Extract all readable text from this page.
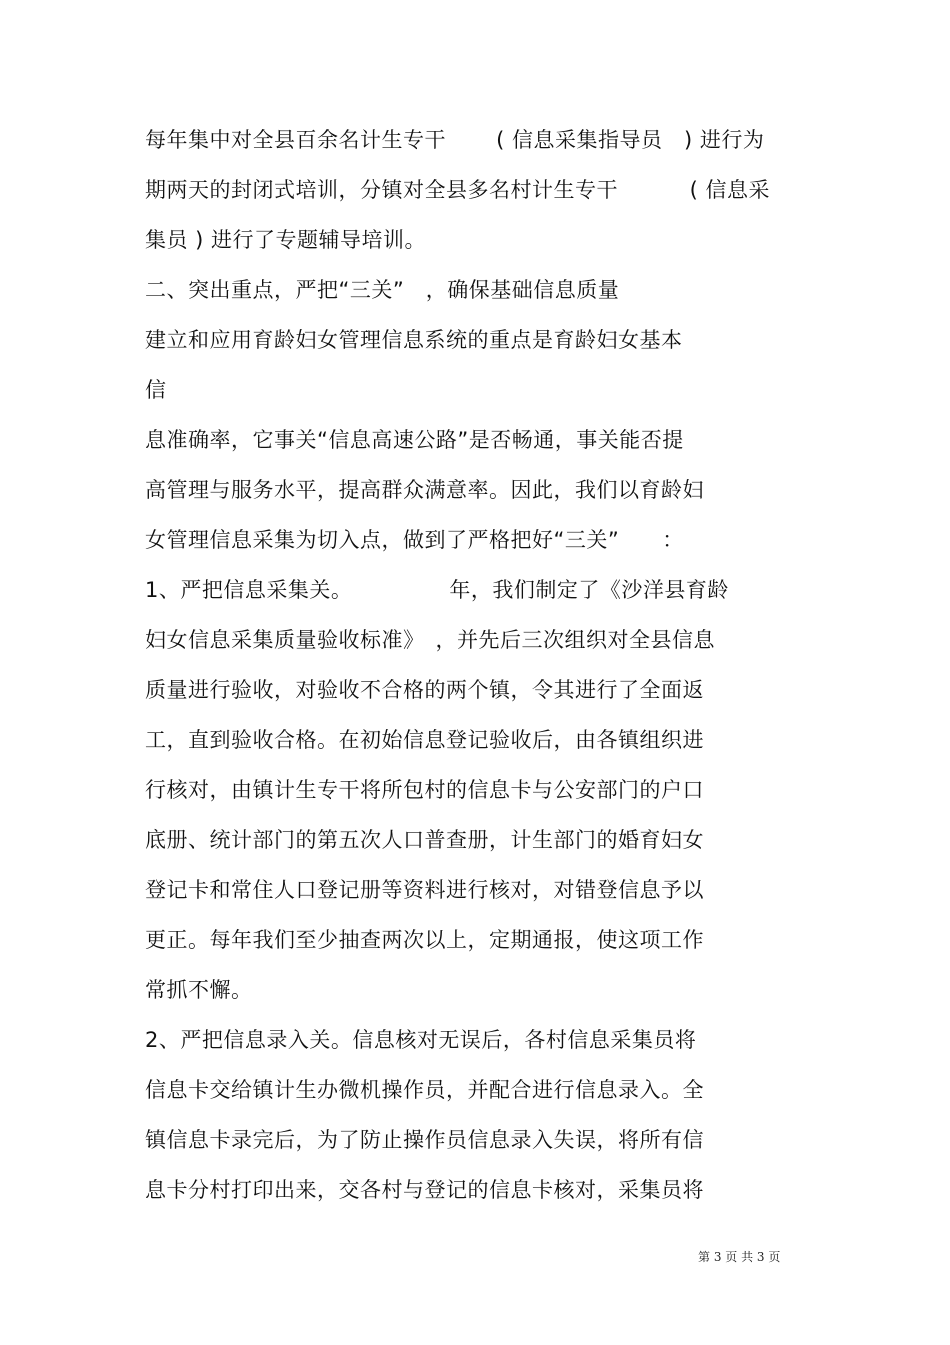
每年集中对全县百余名计生专干　　 ( 信息采集指导员　) 进行为
期两天的封闭式培训，分镇对全县多名村计生专干　　　 ( 信息采
集员 ) 进行了专题辅导培训。
二、突出重点，严把“三关”　，确保基础信息质量
建立和应用育龄妇女管理信息系统的重点是育龄妇女基本
信
息准确率，它事关“信息高速公路”是否畅通，事关能否提
高管理与服务水平，提高群众满意率。因此，我们以育龄妇
女管理信息采集为切入点，做到了严格把好“三关”　　：
1、严把信息采集关。　　　　　年，我们制定了《沙洋县育龄
妇女信息采集质量验收标准》　，并先后三次组织对全县信息
质量进行验收，对验收不合格的两个镇，令其进行了全面返
工，直到验收合格。在初始信息登记验收后，由各镇组织进
行核对，由镇计生专干将所包村的信息卡与公安部门的户口
底册、统计部门的第五次人口普查册，计生部门的婚育妇女
登记卡和常住人口登记册等资料进行核对，对错登信息予以
更正。每年我们至少抽查两次以上，定期通报，使这项工作
常抓不懈。
2、严把信息录入关。信息核对无误后，各村信息采集员将
信息卡交给镇计生办微机操作员，并配合进行信息录入。全
镇信息卡录完后，为了防止操作员信息录入失误，将所有信
息卡分村打印出来，交各村与登记的信息卡核对，采集员将
第 3 页 共 3 页
